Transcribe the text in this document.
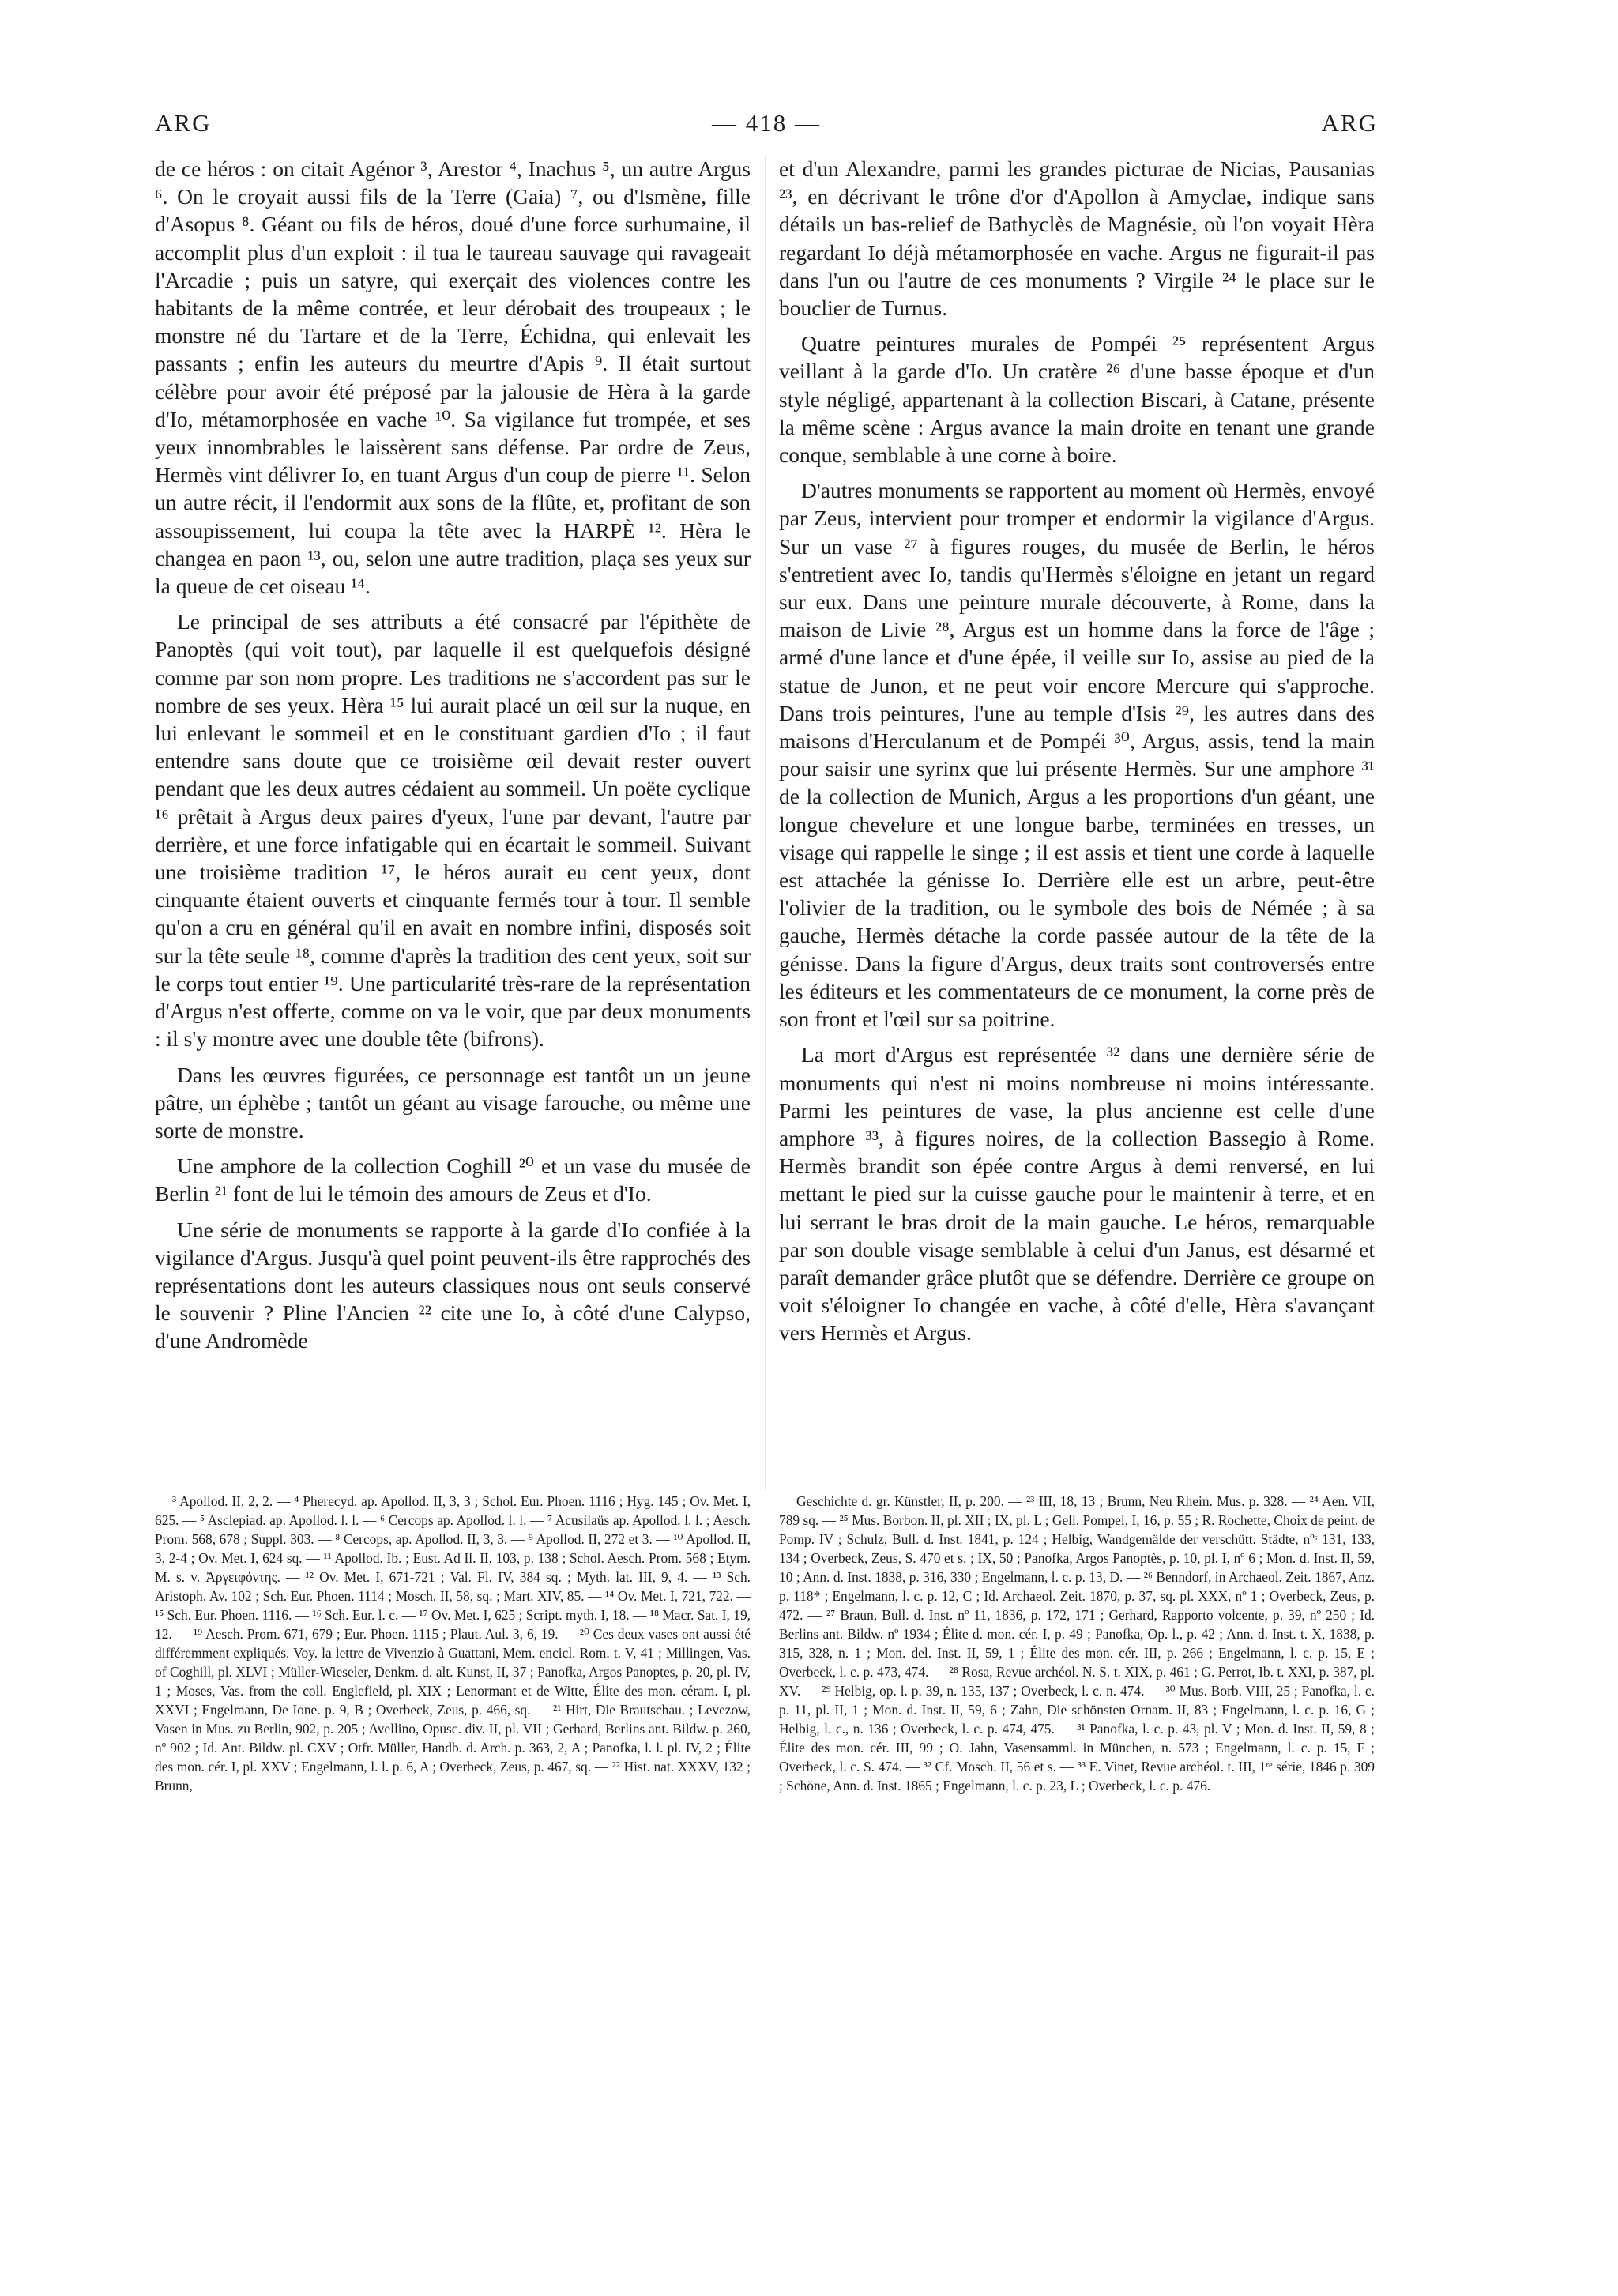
ARG	— 418 —	ARG

de ce héros : on citait Agénor ³, Arestor ⁴, Inachus ⁵, un autre Argus ⁶. On le croyait aussi fils de la Terre (Gaia) ⁷, ou d'Ismène, fille d'Asopus ⁸. Géant ou fils de héros, doué d'une force surhumaine, il accomplit plus d'un exploit : il tua le taureau sauvage qui ravageait l'Arcadie ; puis un satyre, qui exerçait des violences contre les habitants de la même contrée, et leur dérobait des troupeaux ; le monstre né du Tartare et de la Terre, Échidna, qui enlevait les passants ; enfin les auteurs du meurtre d'Apis ⁹. Il était surtout célèbre pour avoir été préposé par la jalousie de Hèra à la garde d'Io, métamorphosée en vache ¹⁰. Sa vigilance fut trompée, et ses yeux innombrables le laissèrent sans défense. Par ordre de Zeus, Hermès vint délivrer Io, en tuant Argus d'un coup de pierre ¹¹. Selon un autre récit, il l'endormit aux sons de la flûte, et, profitant de son assoupissement, lui coupa la tête avec la HARPÈ ¹². Hèra le changea en paon ¹³, ou, selon une autre tradition, plaça ses yeux sur la queue de cet oiseau ¹⁴.

Le principal de ses attributs a été consacré par l'épithète de Panoptès (qui voit tout), par laquelle il est quelquefois désigné comme par son nom propre. Les traditions ne s'accordent pas sur le nombre de ses yeux. Hèra ¹⁵ lui aurait placé un œil sur la nuque, en lui enlevant le sommeil et en le constituant gardien d'Io ; il faut entendre sans doute que ce troisième œil devait rester ouvert pendant que les deux autres cédaient au sommeil. Un poëte cyclique ¹⁶ prêtait à Argus deux paires d'yeux, l'une par devant, l'autre par derrière, et une force infatigable qui en écartait le sommeil. Suivant une troisième tradition ¹⁷, le héros aurait eu cent yeux, dont cinquante étaient ouverts et cinquante fermés tour à tour. Il semble qu'on a cru en général qu'il en avait en nombre infini, disposés soit sur la tête seule ¹⁸, comme d'après la tradition des cent yeux, soit sur le corps tout entier ¹⁹. Une particularité très-rare de la représentation d'Argus n'est offerte, comme on va le voir, que par deux monuments : il s'y montre avec une double tête (bifrons).

Dans les œuvres figurées, ce personnage est tantôt un un jeune pâtre, un éphèbe ; tantôt un géant au visage farouche, ou même une sorte de monstre.

Une amphore de la collection Coghill ²⁰ et un vase du musée de Berlin ²¹ font de lui le témoin des amours de Zeus et d'Io.

Une série de monuments se rapporte à la garde d'Io confiée à la vigilance d'Argus. Jusqu'à quel point peuvent-ils être rapprochés des représentations dont les auteurs classiques nous ont seuls conservé le souvenir ? Pline l'Ancien ²² cite une Io, à côté d'une Calypso, d'une Andromède

et d'un Alexandre, parmi les grandes picturae de Nicias, Pausanias ²³, en décrivant le trône d'or d'Apollon à Amyclae, indique sans détails un bas-relief de Bathyclès de Magnésie, où l'on voyait Hèra regardant Io déjà métamorphosée en vache. Argus ne figurait-il pas dans l'un ou l'autre de ces monuments ? Virgile ²⁴ le place sur le bouclier de Turnus.

Quatre peintures murales de Pompéi ²⁵ représentent Argus veillant à la garde d'Io. Un cratère ²⁶ d'une basse époque et d'un style négligé, appartenant à la collection Biscari, à Catane, présente la même scène : Argus avance la main droite en tenant une grande conque, semblable à une corne à boire.

D'autres monuments se rapportent au moment où Hermès, envoyé par Zeus, intervient pour tromper et endormir la vigilance d'Argus. Sur un vase ²⁷ à figures rouges, du musée de Berlin, le héros s'entretient avec Io, tandis qu'Hermès s'éloigne en jetant un regard sur eux. Dans une peinture murale découverte, à Rome, dans la maison de Livie ²⁸, Argus est un homme dans la force de l'âge ; armé d'une lance et d'une épée, il veille sur Io, assise au pied de la statue de Junon, et ne peut voir encore Mercure qui s'approche. Dans trois peintures, l'une au temple d'Isis ²⁹, les autres dans des maisons d'Herculanum et de Pompéi ³⁰, Argus, assis, tend la main pour saisir une syrinx que lui présente Hermès. Sur une amphore ³¹ de la collection de Munich, Argus a les proportions d'un géant, une longue chevelure et une longue barbe, terminées en tresses, un visage qui rappelle le singe ; il est assis et tient une corde à laquelle est attachée la génisse Io. Derrière elle est un arbre, peut-être l'olivier de la tradition, ou le symbole des bois de Némée ; à sa gauche, Hermès détache la corde passée autour de la tête de la génisse. Dans la figure d'Argus, deux traits sont controversés entre les éditeurs et les commentateurs de ce monument, la corne près de son front et l'œil sur sa poitrine.

La mort d'Argus est représentée ³² dans une dernière série de monuments qui n'est ni moins nombreuse ni moins intéressante. Parmi les peintures de vase, la plus ancienne est celle d'une amphore ³³, à figures noires, de la collection Bassegio à Rome. Hermès brandit son épée contre Argus à demi renversé, en lui mettant le pied sur la cuisse gauche pour le maintenir à terre, et en lui serrant le bras droit de la main gauche. Le héros, remarquable par son double visage semblable à celui d'un Janus, est désarmé et paraît demander grâce plutôt que se défendre. Derrière ce groupe on voit s'éloigner Io changée en vache, à côté d'elle, Hèra s'avançant vers Hermès et Argus.

³ Apollod. II, 2, 2. — ⁴ Pherecyd. ap. Apollod. II, 3, 3 ; Schol. Eur. Phoen. 1116 ; Hyg. 145 ; Ov. Met. I, 625. — ⁵ Asclepiad. ap. Apollod. l. l. — ⁶ Cercops ap. Apollod. l. l. — ⁷ Acusilaüs ap. Apollod. l. l. ; Aesch. Prom. 568, 678 ; Suppl. 303. — ⁸ Cercops, ap. Apollod. II, 3, 3. — ⁹ Apollod. II, 272 et 3. — ¹⁰ Apollod. II, 3, 2-4 ; Ov. Met. I, 624 sq. — ¹¹ Apollod. Ib. ; Eust. Ad Il. II, 103, p. 138 ; Schol. Aesch. Prom. 568 ; Etym. M. s. v. Ἀργειφόντης. — ¹² Ov. Met. I, 671-721 ; Val. Fl. IV, 384 sq. ; Myth. lat. III, 9, 4. — ¹³ Sch. Aristoph. Av. 102 ; Sch. Eur. Phoen. 1114 ; Mosch. II, 58, sq. ; Mart. XIV, 85. — ¹⁴ Ov. Met. I, 721, 722. — ¹⁵ Sch. Eur. Phoen. 1116. — ¹⁶ Sch. Eur. l. c. — ¹⁷ Ov. Met. I, 625 ; Script. myth. I, 18. — ¹⁸ Macr. Sat. I, 19, 12. — ¹⁹ Aesch. Prom. 671, 679 ; Eur. Phoen. 1115 ; Plaut. Aul. 3, 6, 19. — ²⁰ Ces deux vases ont aussi été différemment expliqués. Voy. la lettre de Vivenzio à Guattani, Mem. encicl. Rom. t. V, 41 ; Millingen, Vas. of Coghill, pl. XLVI ; Müller-Wieseler, Denkm. d. alt. Kunst, II, 37 ; Panofka, Argos Panoptes, p. 20, pl. IV, 1 ; Moses, Vas. from the coll. Englefield, pl. XIX ; Lenormant et de Witte, Élite des mon. céram. I, pl. XXVI ; Engelmann, De Ione. p. 9, B ; Overbeck, Zeus, p. 466, sq. — ²¹ Hirt, Die Brautschau. ; Levezow, Vasen in Mus. zu Berlin, 902, p. 205 ; Avellino, Opusc. div. II, pl. VII ; Gerhard, Berlins ant. Bildw. p. 260, nº 902 ; Id. Ant. Bildw. pl. CXV ; Otfr. Müller, Handb. d. Arch. p. 363, 2, A ; Panofka, l. l. pl. IV, 2 ; Élite des mon. cér. I, pl. XXV ; Engelmann, l. l. p. 6, A ; Overbeck, Zeus, p. 467, sq. — ²² Hist. nat. XXXV, 132 ; Brunn,

Geschichte d. gr. Künstler, II, p. 200. — ²³ III, 18, 13 ; Brunn, Neu Rhein. Mus. p. 328. — ²⁴ Aen. VII, 789 sq. — ²⁵ Mus. Borbon. II, pl. XII ; IX, pl. L ; Gell. Pompei, I, 16, p. 55 ; R. Rochette, Choix de peint. de Pomp. IV ; Schulz, Bull. d. Inst. 1841, p. 124 ; Helbig, Wandgemälde der verschütt. Städte, nºˢ 131, 133, 134 ; Overbeck, Zeus, S. 470 et s. ; IX, 50 ; Panofka, Argos Panoptès, p. 10, pl. I, nº 6 ; Mon. d. Inst. II, 59, 10 ; Ann. d. Inst. 1838, p. 316, 330 ; Engelmann, l. c. p. 13, D. — ²⁶ Benndorf, in Archaeol. Zeit. 1867, Anz. p. 118* ; Engelmann, l. c. p. 12, C ; Id. Archaeol. Zeit. 1870, p. 37, sq. pl. XXX, nº 1 ; Overbeck, Zeus, p. 472. — ²⁷ Braun, Bull. d. Inst. nº 11, 1836, p. 172, 171 ; Gerhard, Rapporto volcente, p. 39, nº 250 ; Id. Berlins ant. Bildw. nº 1934 ; Élite d. mon. cér. I, p. 49 ; Panofka, Op. l., p. 42 ; Ann. d. Inst. t. X, 1838, p. 315, 328, n. 1 ; Mon. del. Inst. II, 59, 1 ; Élite des mon. cér. III, p. 266 ; Engelmann, l. c. p. 15, E ; Overbeck, l. c. p. 473, 474. — ²⁸ Rosa, Revue archéol. N. S. t. XIX, p. 461 ; G. Perrot, Ib. t. XXI, p. 387, pl. XV. — ²⁹ Helbig, op. l. p. 39, n. 135, 137 ; Overbeck, l. c. n. 474. — ³⁰ Mus. Borb. VIII, 25 ; Panofka, l. c. p. 11, pl. II, 1 ; Mon. d. Inst. II, 59, 6 ; Zahn, Die schönsten Ornam. II, 83 ; Engelmann, l. c. p. 16, G ; Helbig, l. c., n. 136 ; Overbeck, l. c. p. 474, 475. — ³¹ Panofka, l. c. p. 43, pl. V ; Mon. d. Inst. II, 59, 8 ; Élite des mon. cér. III, 99 ; O. Jahn, Vasensamml. in München, n. 573 ; Engelmann, l. c. p. 15, F ; Overbeck, l. c. S. 474. — ³² Cf. Mosch. II, 56 et s. — ³³ E. Vinet, Revue archéol. t. III, 1ʳᵉ série, 1846 p. 309 ; Schöne, Ann. d. Inst. 1865 ; Engelmann, l. c. p. 23, L ; Overbeck, l. c. p. 476.
